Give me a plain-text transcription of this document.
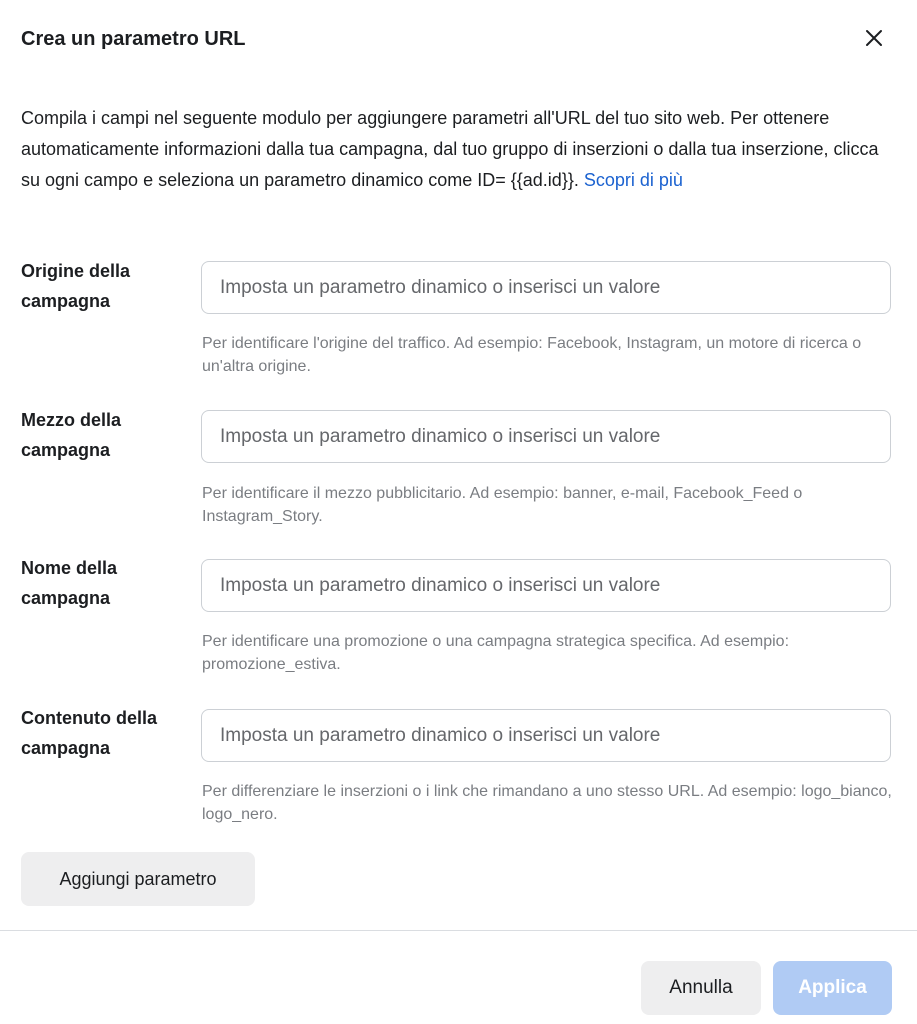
Crea un parametro URL
Compila i campi nel seguente modulo per aggiungere parametri all'URL del tuo sito web. Per ottenere automaticamente informazioni dalla tua campagna, dal tuo gruppo di inserzioni o dalla tua inserzione, clicca su ogni campo e seleziona un parametro dinamico come ID= {{ad.id}}. Scopri di più
Origine della campagna
Imposta un parametro dinamico o inserisci un valore
Per identificare l'origine del traffico. Ad esempio: Facebook, Instagram, un motore di ricerca o un'altra origine.
Mezzo della campagna
Imposta un parametro dinamico o inserisci un valore
Per identificare il mezzo pubblicitario. Ad esempio: banner, e-mail, Facebook_Feed o Instagram_Story.
Nome della campagna
Imposta un parametro dinamico o inserisci un valore
Per identificare una promozione o una campagna strategica specifica. Ad esempio: promozione_estiva.
Contenuto della campagna
Imposta un parametro dinamico o inserisci un valore
Per differenziare le inserzioni o i link che rimandano a uno stesso URL. Ad esempio: logo_bianco, logo_nero.
Aggiungi parametro
Annulla	Applica
